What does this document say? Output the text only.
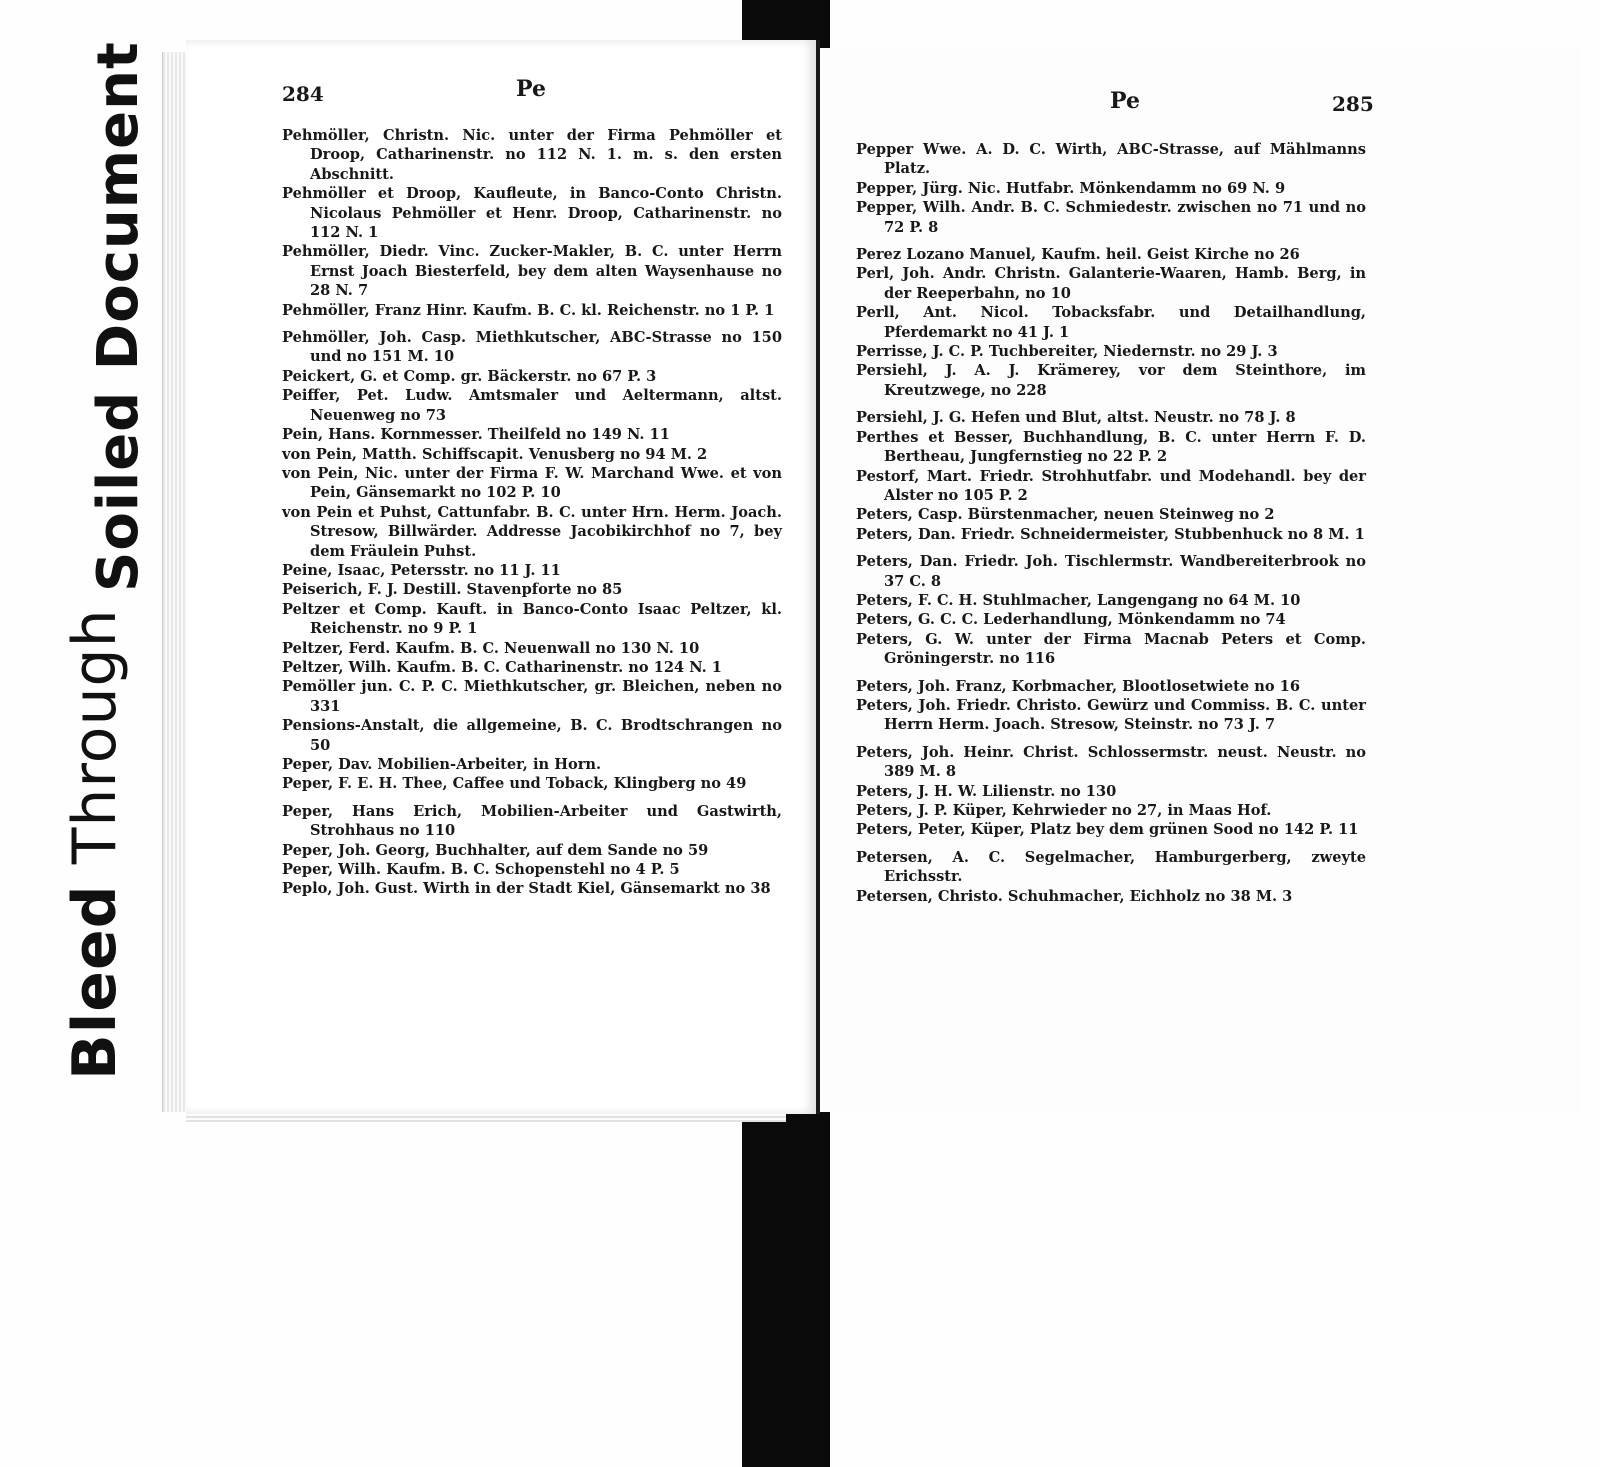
Soiled Document
Bleed Through
284	Pe
Pehmöller, Christn. Nic. unter der Firma Pehmöller et Droop, Catharinenstr. no 112 N. 1. m. s. den ersten Abschnitt.
Pehmöller et Droop, Kaufleute, in Banco-Conto Christn. Nicolaus Pehmöller et Henr. Droop, Catharinenstr. no 112 N. 1
Pehmöller, Diedr. Vinc. Zucker-Makler, B. C. unter Herrn Ernst Joach Biesterfeld, bey dem alten Waysenhause no 28 N. 7
Pehmöller, Franz Hinr. Kaufm. B. C. kl. Reichenstr. no 1 P. 1
Pehmöller, Joh. Casp. Miethkutscher, ABC-Strasse no 150 und no 151 M. 10
Peickert, G. et Comp. gr. Bäckerstr. no 67 P. 3
Peiffer, Pet. Ludw. Amtsmaler und Aeltermann, altst. Neuenweg no 73
Pein, Hans. Kornmesser. Theilfeld no 149 N. 11
von Pein, Matth. Schiffscapit. Venusberg no 94 M. 2
von Pein, Nic. unter der Firma F. W. Marchand Wwe. et von Pein, Gänsemarkt no 102 P. 10
von Pein et Puhst, Cattunfabr. B. C. unter Hrn. Herm. Joach. Stresow, Billwärder. Addresse Jacobikirchhof no 7, bey dem Fräulein Puhst.
Peine, Isaac, Petersstr. no 11 J. 11
Peiserich, F. J. Destill. Stavenpforte no 85
Peltzer et Comp. Kauft. in Banco-Conto Isaac Peltzer, kl. Reichenstr. no 9 P. 1
Peltzer, Ferd. Kaufm. B. C. Neuenwall no 130 N. 10
Peltzer, Wilh. Kaufm. B. C. Catharinenstr. no 124 N. 1
Pemöller jun. C. P. C. Miethkutscher, gr. Bleichen, neben no 331
Pensions-Anstalt, die allgemeine, B. C. Brodtschrangen no 50
Peper, Dav. Mobilien-Arbeiter, in Horn.
Peper, F. E. H. Thee, Caffee und Toback, Klingberg no 49
Peper, Hans Erich, Mobilien-Arbeiter und Gastwirth, Strohhaus no 110
Peper, Joh. Georg, Buchhalter, auf dem Sande no 59
Peper, Wilh. Kaufm. B. C. Schopenstehl no 4 P. 5
Peplo, Joh. Gust. Wirth in der Stadt Kiel, Gänsemarkt no 38
Pe	285
Pepper Wwe. A. D. C. Wirth, ABC-Strasse, auf Mählmanns Platz.
Pepper, Jürg. Nic. Hutfabr. Mönkendamm no 69 N. 9
Pepper, Wilh. Andr. B. C. Schmiedestr. zwischen no 71 und no 72 P. 8
Perez Lozano Manuel, Kaufm. heil. Geist Kirche no 26
Perl, Joh. Andr. Christn. Galanterie-Waaren, Hamb. Berg, in der Reeperbahn, no 10
Perll, Ant. Nicol. Tobacksfabr. und Detailhandlung, Pferdemarkt no 41 J. 1
Perrisse, J. C. P. Tuchbereiter, Niedernstr. no 29 J. 3
Persiehl, J. A. J. Krämerey, vor dem Steinthore, im Kreutzwege, no 228
Persiehl, J. G. Hefen und Blut, altst. Neustr. no 78 J. 8
Perthes et Besser, Buchhandlung, B. C. unter Herrn F. D. Bertheau, Jungfernstieg no 22 P. 2
Pestorf, Mart. Friedr. Strohhutfabr. und Modehandl. bey der Alster no 105 P. 2
Peters, Casp. Bürstenmacher, neuen Steinweg no 2
Peters, Dan. Friedr. Schneidermeister, Stubbenhuck no 8 M. 1
Peters, Dan. Friedr. Joh. Tischlermstr. Wandbereiterbrook no 37 C. 8
Peters, F. C. H. Stuhlmacher, Langengang no 64 M. 10
Peters, G. C. C. Lederhandlung, Mönkendamm no 74
Peters, G. W. unter der Firma Macnab Peters et Comp. Gröningerstr. no 116
Peters, Joh. Franz, Korbmacher, Blootlosetwiete no 16
Peters, Joh. Friedr. Christo. Gewürz und Commiss. B. C. unter Herrn Herm. Joach. Stresow, Steinstr. no 73 J. 7
Peters, Joh. Heinr. Christ. Schlossermstr. neust. Neustr. no 389 M. 8
Peters, J. H. W. Lilienstr. no 130
Peters, J. P. Küper, Kehrwieder no 27, in Maas Hof.
Peters, Peter, Küper, Platz bey dem grünen Sood no 142 P. 11
Petersen, A. C. Segelmacher, Hamburgerberg, zweyte Erichsstr.
Petersen, Christo. Schuhmacher, Eichholz no 38 M. 3
